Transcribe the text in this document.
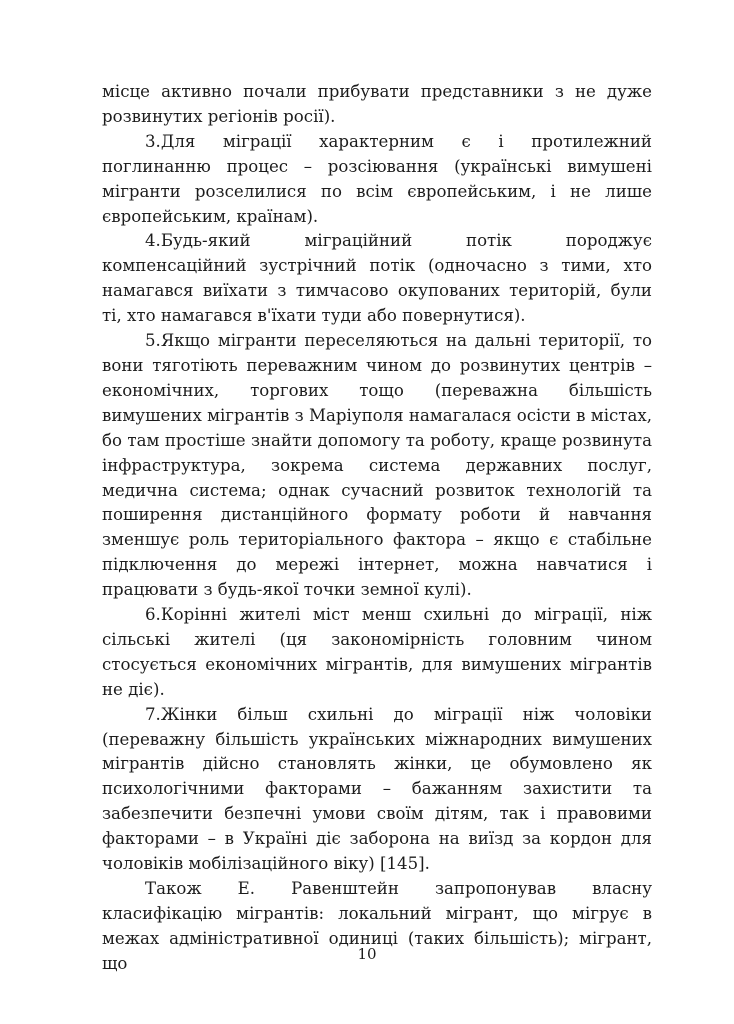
місце активно почали прибувати представники з не дуже розвинутих регіонів росії).

3.Для міграції характерним є і протилежний поглинанню процес – розсіювання (українські вимушені мігранти розселилися по всім європейським, і не лише європейським, країнам).

4.Будь-який міграційний потік породжує компенсаційний зустрічний потік (одночасно з тими, хто намагався виїхати з тимчасово окупованих територій, були ті, хто намагався в'їхати туди або повернутися).

5.Якщо мігранти переселяються на дальні території, то вони тяготіють переважним чином до розвинутих центрів – економічних, торгових тощо (переважна більшість вимушених мігрантів з Маріуполя намагалася осісти в містах, бо там простіше знайти допомогу та роботу, краще розвинута інфраструктура, зокрема система державних послуг, медична система; однак сучасний розвиток технологій та поширення дистанційного формату роботи й навчання зменшує роль територіального фактора – якщо є стабільне підключення до мережі інтернет, можна навчатися і працювати з будь-якої точки земної кулі).

6.Корінні жителі міст менш схильні до міграції, ніж сільські жителі (ця закономірність головним чином стосується економічних мігрантів, для вимушених мігрантів не діє).

7.Жінки більш схильні до міграції ніж чоловіки (переважну більшість українських міжнародних вимушених мігрантів дійсно становлять жінки, це обумовлено як психологічними факторами – бажанням захистити та забезпечити безпечні умови своїм дітям, так і правовими факторами – в Україні діє заборона на виїзд за кордон для чоловіків мобілізаційного віку) [145].

Також Е. Равенштейн запропонував власну класифікацію мігрантів: локальний мігрант, що мігрує в межах адміністративної одиниці (таких більшість); мігрант, що	10
